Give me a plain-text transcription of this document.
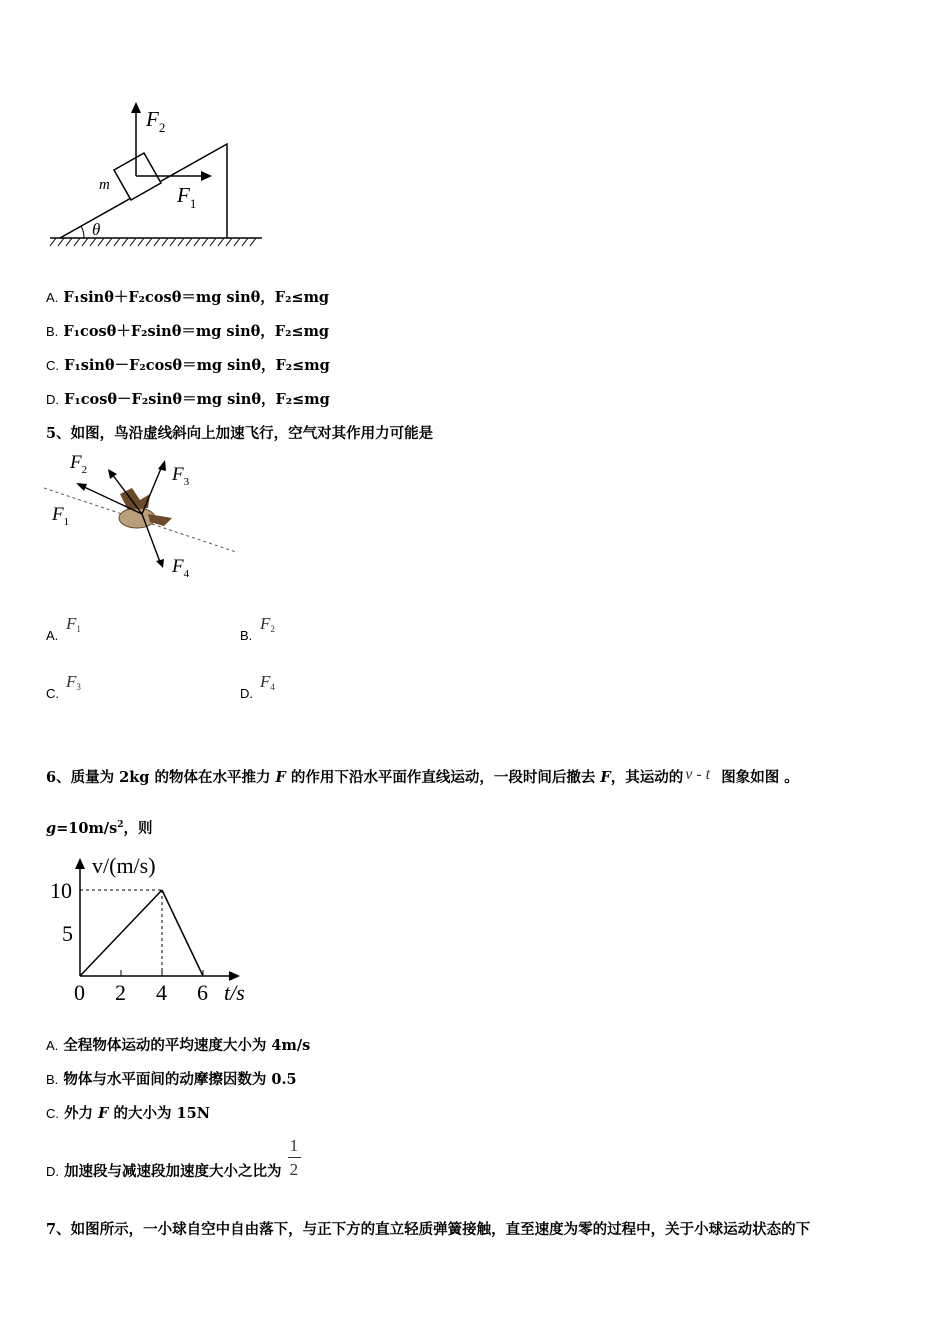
$F_2$
$F_1$
m
θ
A. F₁sinθ＋F₂cosθ＝mg sinθ，F₂≤mg
B. F₁cosθ＋F₂sinθ＝mg sinθ，F₂≤mg
C. F₁sinθ－F₂cosθ＝mg sinθ，F₂≤mg
D. F₁cosθ－F₂sinθ＝mg sinθ，F₂≤mg
5、如图，鸟沿虚线斜向上加速飞行，空气对其作用力可能是
$F_2$	$F_3$
$F_1$
$F_4$
A.
F1	B.
F2
C.
F3	D.
F4
6、质量为 2kg 的物体在水平推力 F 的作用下沿水平面作直线运动，一段时间后撤去 F，其运动的 v - t 图象如图 。
$g=10m/s^2$，则
v/(m/s)
t/s
0 2 4 6
10
5
A. 全程物体运动的平均速度大小为 4m/s
B. 物体与水平面间的动摩擦因数为 0.5
C. 外力 F 的大小为 15N
D. 加速段与减速段加速度大小之比为 $\frac{1}{2}$
7、如图所示，一小球自空中自由落下，与正下方的直立轻质弹簧接触，直至速度为零的过程中，关于小球运动状态的下
